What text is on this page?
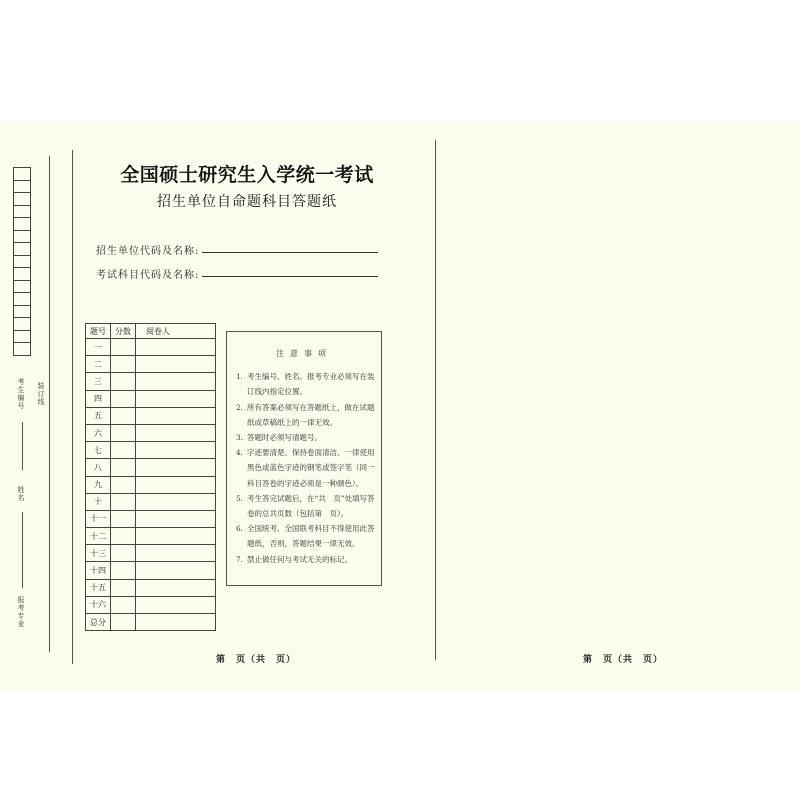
考生编号 装订线
姓名
报考专业
全国硕士研究生入学统一考试
招生单位自命题科目答题纸
招生单位代码及名称:
考试科目代码及名称:
题号	分数	阅卷人
一		
二		
三		
四		
五		
六		
七		
八		
九		
十		
十一		
十二		
十三		
十四		
十五		
十六		
总分		
注意事项
1. 考生编号、姓名、报考专业必须写在装订线内指定位置。
2. 所有答案必须写在答题纸上，做在试题纸或草稿纸上的一律无效。
3. 答题时必须写清题号。
4. 字迹要清楚、保持卷面清洁。一律使用黑色或蓝色字迹的钢笔或签字笔（同一科目答卷的字迹必须是一种颜色）。
5. 考生答完试题后，在“共　页”处填写答卷的总共页数（包括第　页）。
6. 全国统考、全国联考科目不得使用此答题纸，否则，答题结果一律无效。
7. 禁止做任何与考试无关的标记。
第　页（共　页）	第　页（共　页）
